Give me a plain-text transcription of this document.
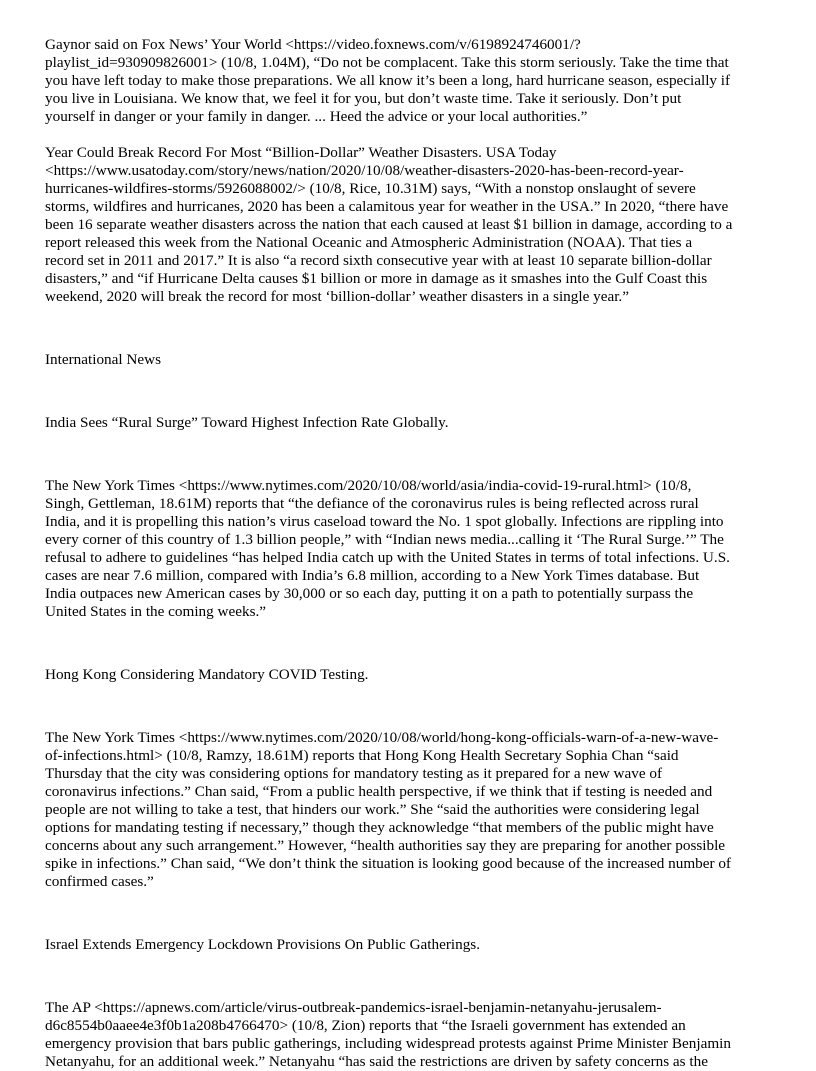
Gaynor said on Fox News’ Your World <https://video.foxnews.com/v/6198924746001/?
playlist_id=930909826001> (10/8, 1.04M), “Do not be complacent. Take this storm seriously. Take the time that
you have left today to make those preparations. We all know it’s been a long, hard hurricane season, especially if
you live in Louisiana. We know that, we feel it for you, but don’t waste time. Take it seriously. Don’t put
yourself in danger or your family in danger. ... Heed the advice or your local authorities.”

Year Could Break Record For Most “Billion-Dollar” Weather Disasters. USA Today
<https://www.usatoday.com/story/news/nation/2020/10/08/weather-disasters-2020-has-been-record-year-
hurricanes-wildfires-storms/5926088002/> (10/8, Rice, 10.31M) says, “With a nonstop onslaught of severe
storms, wildfires and hurricanes, 2020 has been a calamitous year for weather in the USA.” In 2020, “there have
been 16 separate weather disasters across the nation that each caused at least $1 billion in damage, according to a
report released this week from the National Oceanic and Atmospheric Administration (NOAA). That ties a
record set in 2011 and 2017.” It is also “a record sixth consecutive year with at least 10 separate billion-dollar
disasters,” and “if Hurricane Delta causes $1 billion or more in damage as it smashes into the Gulf Coast this
weekend, 2020 will break the record for most ‘billion-dollar’ weather disasters in a single year.”

International News

India Sees “Rural Surge” Toward Highest Infection Rate Globally.

The New York Times <https://www.nytimes.com/2020/10/08/world/asia/india-covid-19-rural.html> (10/8,
Singh, Gettleman, 18.61M) reports that “the defiance of the coronavirus rules is being reflected across rural
India, and it is propelling this nation’s virus caseload toward the No. 1 spot globally. Infections are rippling into
every corner of this country of 1.3 billion people,” with “Indian news media...calling it ‘The Rural Surge.’” The
refusal to adhere to guidelines “has helped India catch up with the United States in terms of total infections. U.S.
cases are near 7.6 million, compared with India’s 6.8 million, according to a New York Times database. But
India outpaces new American cases by 30,000 or so each day, putting it on a path to potentially surpass the
United States in the coming weeks.”

Hong Kong Considering Mandatory COVID Testing.

The New York Times <https://www.nytimes.com/2020/10/08/world/hong-kong-officials-warn-of-a-new-wave-
of-infections.html> (10/8, Ramzy, 18.61M) reports that Hong Kong Health Secretary Sophia Chan “said
Thursday that the city was considering options for mandatory testing as it prepared for a new wave of
coronavirus infections.” Chan said, “From a public health perspective, if we think that if testing is needed and
people are not willing to take a test, that hinders our work.” She “said the authorities were considering legal
options for mandating testing if necessary,” though they acknowledge “that members of the public might have
concerns about any such arrangement.” However, “health authorities say they are preparing for another possible
spike in infections.” Chan said, “We don’t think the situation is looking good because of the increased number of
confirmed cases.”

Israel Extends Emergency Lockdown Provisions On Public Gatherings.

The AP <https://apnews.com/article/virus-outbreak-pandemics-israel-benjamin-netanyahu-jerusalem-
d6c8554b0aaee4e3f0b1a208b4766470> (10/8, Zion) reports that “the Israeli government has extended an
emergency provision that bars public gatherings, including widespread protests against Prime Minister Benjamin
Netanyahu, for an additional week.” Netanyahu “has said the restrictions are driven by safety concerns as the
